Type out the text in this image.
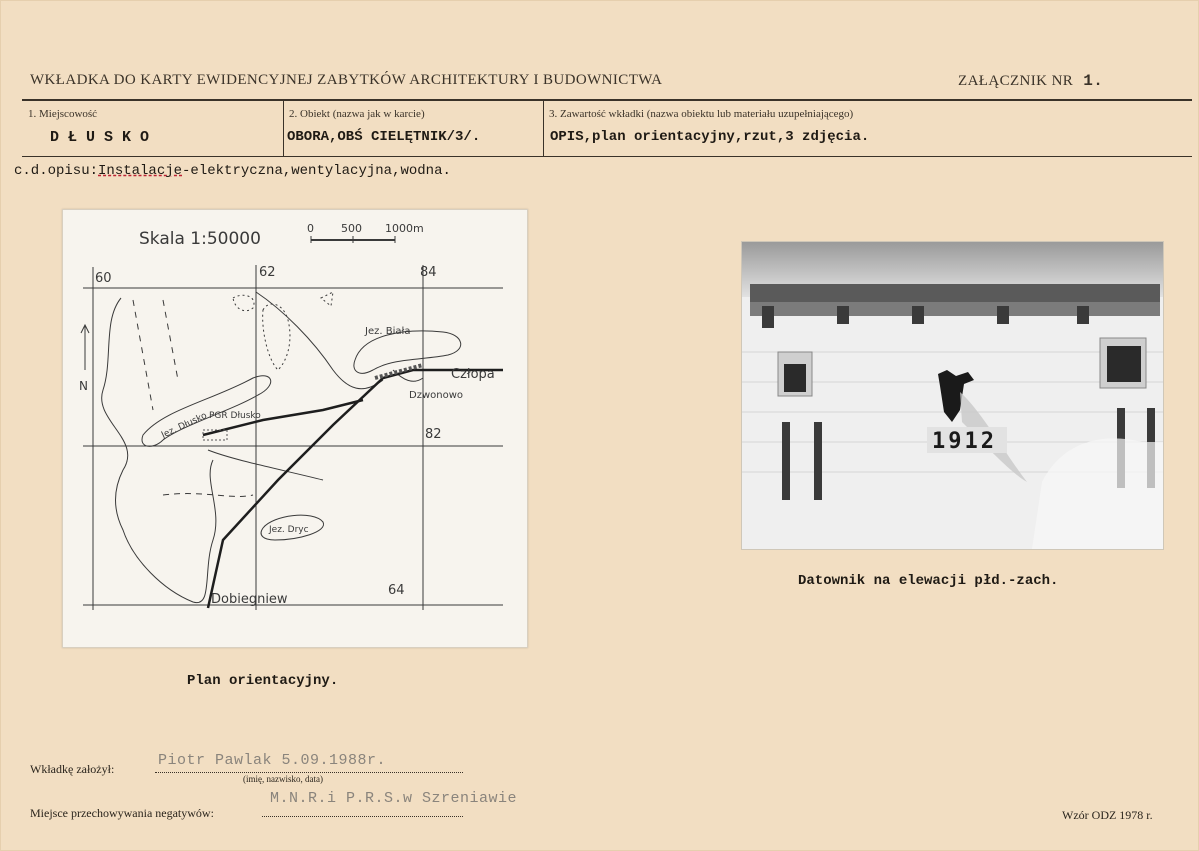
WKŁADKA DO KARTY EWIDENCYJNEJ ZABYTKÓW ARCHITEKTURY I BUDOWNICTWA	ZAŁĄCZNIK NR 1.
1. Miejscowość
DŁUSKO
2. Obiekt (nazwa jak w karcie)
OBORA,OBŚ CIELĘTNIK/3/.
3. Zawartość wkładki (nazwa obiektu lub materiału uzupełniającego)
OPIS,plan orientacyjny,rzut,3 zdjęcia.
c.d.opisu:Instalacje-elektryczna,wentylacyjna,wodna.
Skala 1:50000
0 500 1000m
60	62	84
82
64
N
Jez. Biała
Człopa
Dzwonowo
PGR Dłusko
Jez. Dłusko
Jez. Dryc
Dobiegniew
Plan orientacyjny.
1912
Datownik na elewacji płd.-zach.
Wkładkę założył:	Piotr Pawlak 5.09.1988r.
(imię, nazwisko, data)
Miejsce przechowywania negatywów:
M.N.R.i P.R.S.w Szreniawie
Wzór ODZ 1978 r.
